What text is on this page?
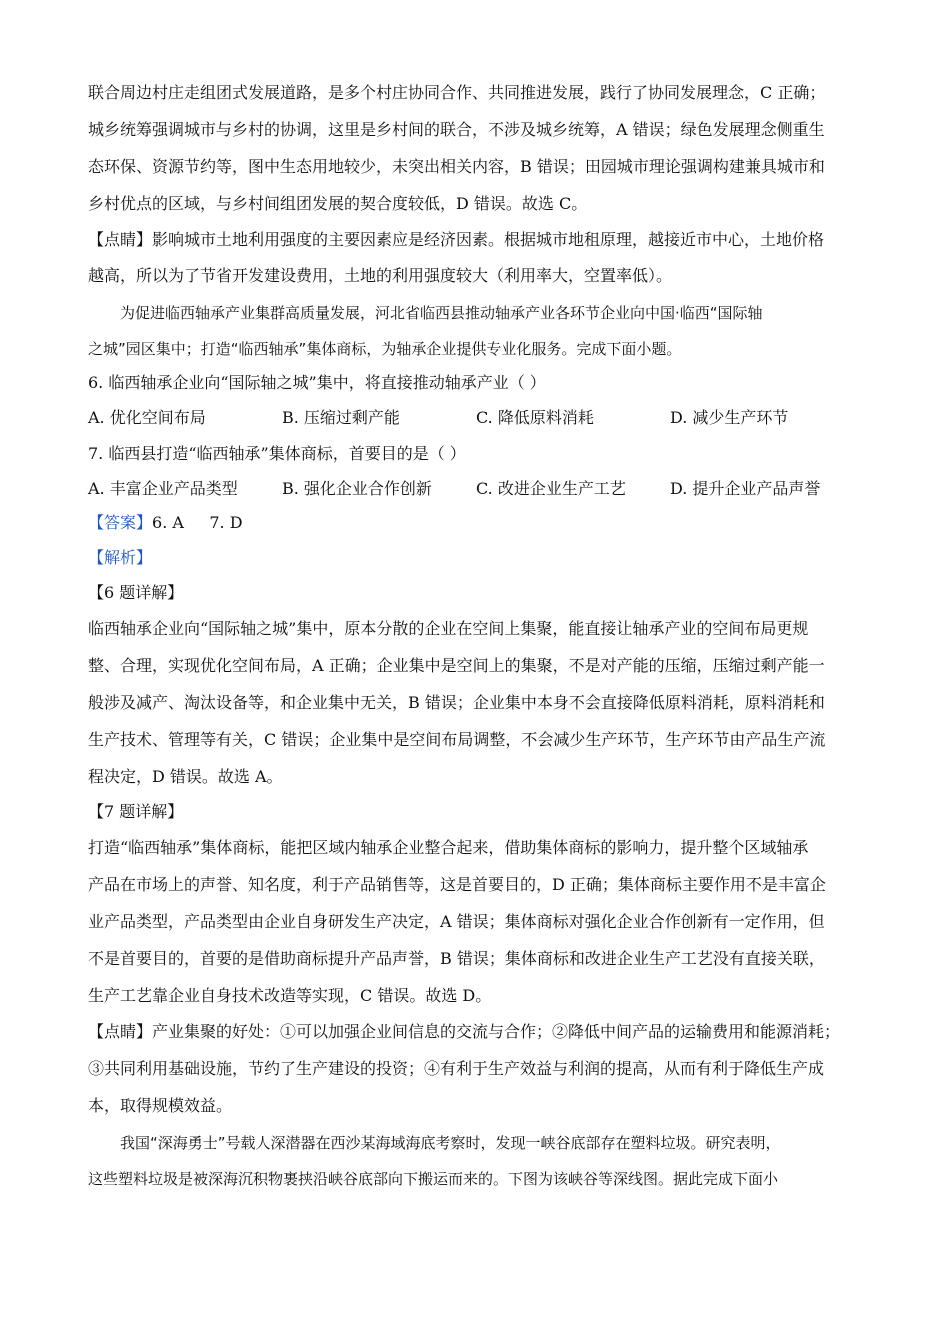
联合周边村庄走组团式发展道路，是多个村庄协同合作、共同推进发展，践行了协同发展理念，C 正确；
城乡统筹强调城市与乡村的协调，这里是乡村间的联合，不涉及城乡统筹，A 错误；绿色发展理念侧重生
态环保、资源节约等，图中生态用地较少，未突出相关内容，B 错误；田园城市理论强调构建兼具城市和
乡村优点的区域，与乡村间组团发展的契合度较低，D 错误。故选 C。
【点睛】影响城市土地利用强度的主要因素应是经济因素。根据城市地租原理，越接近市中心，土地价格
越高，所以为了节省开发建设费用，土地的利用强度较大（利用率大，空置率低）。
为促进临西轴承产业集群高质量发展，河北省临西县推动轴承产业各环节企业向中国·临西“国际轴
之城”园区集中；打造“临西轴承”集体商标，为轴承企业提供专业化服务。完成下面小题。
6. 临西轴承企业向“国际轴之城”集中，将直接推动轴承产业（ ）
A. 优化空间布局	B. 压缩过剩产能	C. 降低原料消耗	D. 减少生产环节
7. 临西县打造“临西轴承”集体商标，首要目的是（ ）
A. 丰富企业产品类型	B. 强化企业合作创新	C. 改进企业生产工艺	D. 提升企业产品声誉
【答案】6. A     7. D
【解析】
【6 题详解】
临西轴承企业向“国际轴之城”集中，原本分散的企业在空间上集聚，能直接让轴承产业的空间布局更规
整、合理，实现优化空间布局，A 正确；企业集中是空间上的集聚，不是对产能的压缩，压缩过剩产能一
般涉及减产、淘汰设备等，和企业集中无关，B 错误；企业集中本身不会直接降低原料消耗，原料消耗和
生产技术、管理等有关，C 错误；企业集中是空间布局调整，不会减少生产环节，生产环节由产品生产流
程决定，D 错误。故选 A。
【7 题详解】
打造“临西轴承”集体商标，能把区域内轴承企业整合起来，借助集体商标的影响力，提升整个区域轴承
产品在市场上的声誉、知名度，利于产品销售等，这是首要目的，D 正确；集体商标主要作用不是丰富企
业产品类型，产品类型由企业自身研发生产决定，A 错误；集体商标对强化企业合作创新有一定作用，但
不是首要目的，首要的是借助商标提升产品声誉，B 错误；集体商标和改进企业生产工艺没有直接关联，
生产工艺靠企业自身技术改造等实现，C 错误。故选 D。
【点睛】产业集聚的好处：①可以加强企业间信息的交流与合作；②降低中间产品的运输费用和能源消耗；
③共同利用基础设施，节约了生产建设的投资；④有利于生产效益与利润的提高，从而有利于降低生产成
本，取得规模效益。
我国“深海勇士”号载人深潜器在西沙某海域海底考察时，发现一峡谷底部存在塑料垃圾。研究表明，
这些塑料垃圾是被深海沉积物裹挟沿峡谷底部向下搬运而来的。下图为该峡谷等深线图。据此完成下面小
